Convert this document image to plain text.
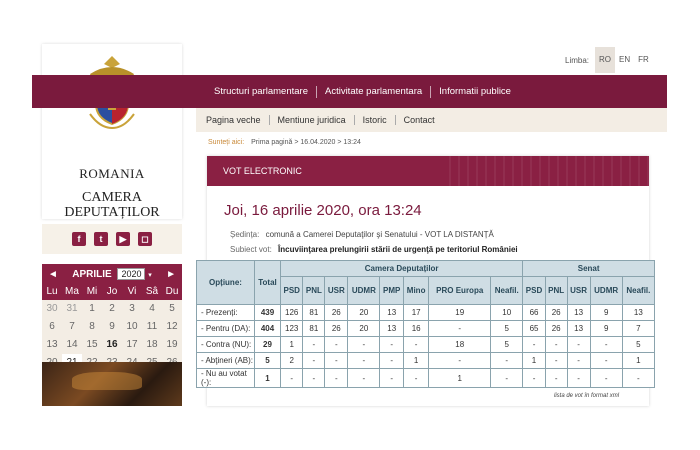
ROMANIA
CAMERA DEPUTAȚILOR
f	t	▶	◻
◄ APRILIE 2020 ▾ ►
Lu Ma Mi Jo	Vi Sâ Du
30 31	1	2	3	4	5
6	7	8	9	10 11 12
13 14 15 16 17 18 19
Limba:	RO	EN	FR
Structuri parlamentare Activitate parlamentara Informatii publice
Pagina veche Mentiune juridica Istoric Contact
Sunteți aici: Prima pagină > 16.04.2020 > 13:24
VOT ELECTRONIC
Joi, 16 aprilie 2020, ora 13:24
Ședința: comună a Camerei Deputaţilor şi Senatului - VOT LA DISTANȚĂ
Subiect vot: Încuviinţarea prelungirii stării de urgenţă pe teritoriul României
Opțiune:	Total	Camera Deputaților								Senat				
		PSD	PNL	USR	UDMR	PMP	Mino	PRO Europa	Neafil.	PSD	PNL	USR	UDMR	Neafil.
- Prezenți:	439	126	81	26	20	13	17	19	10	66	26	13	9	13
- Pentru (DA):	404	123	81	26	20	13	16	-	5	65	26	13	9	7
- Contra (NU):	29	1	-	-	-	-	-	18	5	-	-	-	-	5
- Abţineri (AB):	5	2	-	-	-	-	1	-	-	1	-	-	-	1
- Nu au votat (-):	1	-	-	-	-	-	-	1	-	-	-	-	-	-
lista de vot în format xml
